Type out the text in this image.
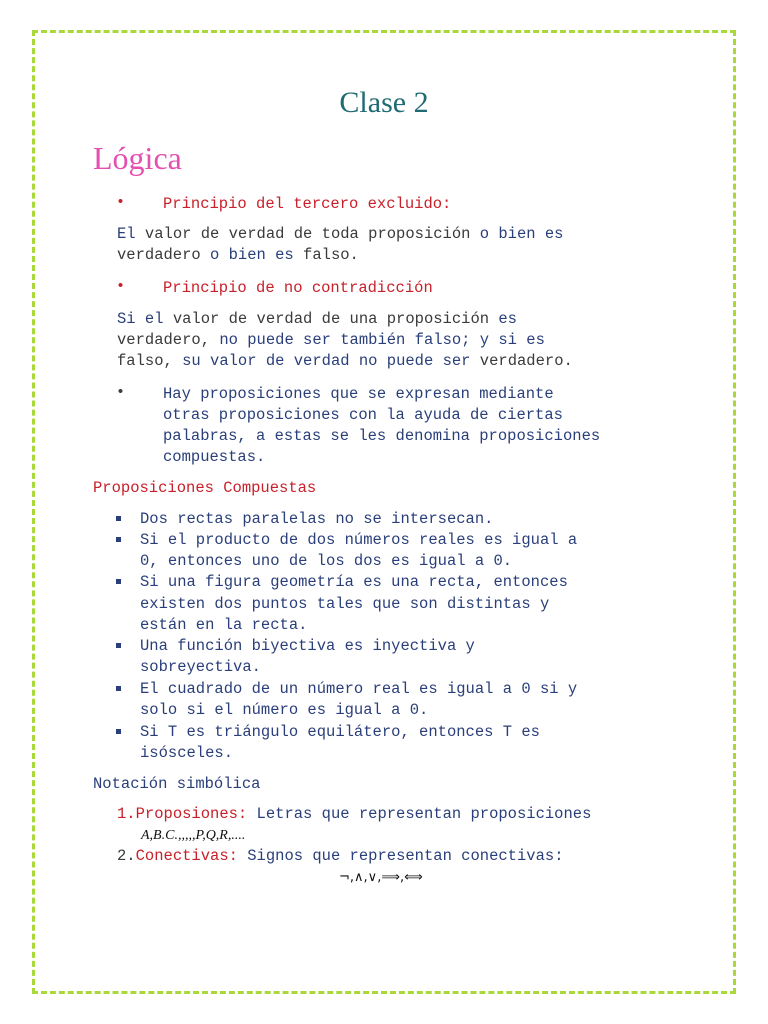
Clase 2
Lógica
• Principio del tercero excluido:
El valor de verdad de toda proposición o bien es
verdadero o bien es falso.
• Principio de no contradicción
Si el valor de verdad de una proposición es
verdadero, no puede ser también falso; y si es
falso, su valor de verdad no puede ser verdadero.
• Hay proposiciones que se expresan mediante
otras proposiciones con la ayuda de ciertas
palabras, a estas se les denomina proposiciones
compuestas.
Proposiciones Compuestas
Dos rectas paralelas no se intersecan.
Si el producto de dos números reales es igual a
0, entonces uno de los dos es igual a 0.
Si una figura geometría es una recta, entonces
existen dos puntos tales que son distintas y
están en la recta.
Una función biyectiva es inyectiva y
sobreyectiva.
El cuadrado de un número real es igual a 0 si y
solo si el número es igual a 0.
Si T es triángulo equilátero, entonces T es
isósceles.
Notación simbólica
1.Proposiones: Letras que representan proposiciones
A,B.C.,,,,,P,Q,R,....
2.Conectivas: Signos que representan conectivas:
¬,∧,∨,⟹,⟺
